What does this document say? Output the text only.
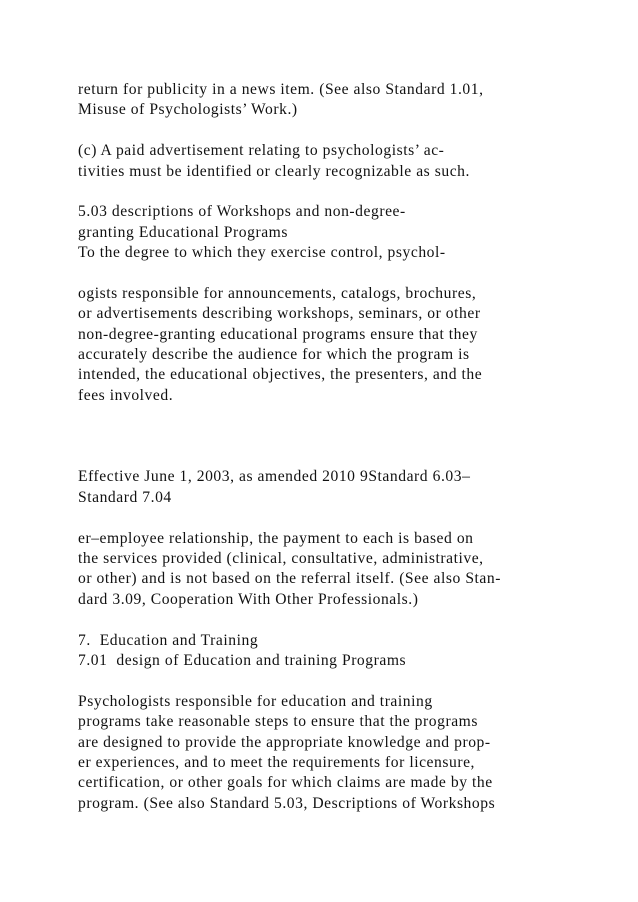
return for publicity in a news item. (See also Standard 1.01,
Misuse of Psychologists’ Work.)
(c) A paid advertisement relating to psychologists’ ac-
tivities must be identified or clearly recognizable as such.
5.03 descriptions of Workshops and non-degree-
granting Educational Programs
To the degree to which they exercise control, psychol-
ogists responsible for announcements, catalogs, brochures,
or advertisements describing workshops, seminars, or other
non-degree-granting educational programs ensure that they
accurately describe the audience for which the program is
intended, the educational objectives, the presenters, and the
fees involved.
Effective June 1, 2003, as amended 2010 9Standard 6.03–
Standard 7.04
er–employee relationship, the payment to each is based on
the services provided (clinical, consultative, administrative,
or other) and is not based on the referral itself. (See also Stan-
dard 3.09, Cooperation With Other Professionals.)
7.  Education and Training
7.01  design of Education and training Programs
Psychologists responsible for education and training
programs take reasonable steps to ensure that the programs
are designed to provide the appropriate knowledge and prop-
er experiences, and to meet the requirements for licensure,
certification, or other goals for which claims are made by the
program. (See also Standard 5.03, Descriptions of Workshops
